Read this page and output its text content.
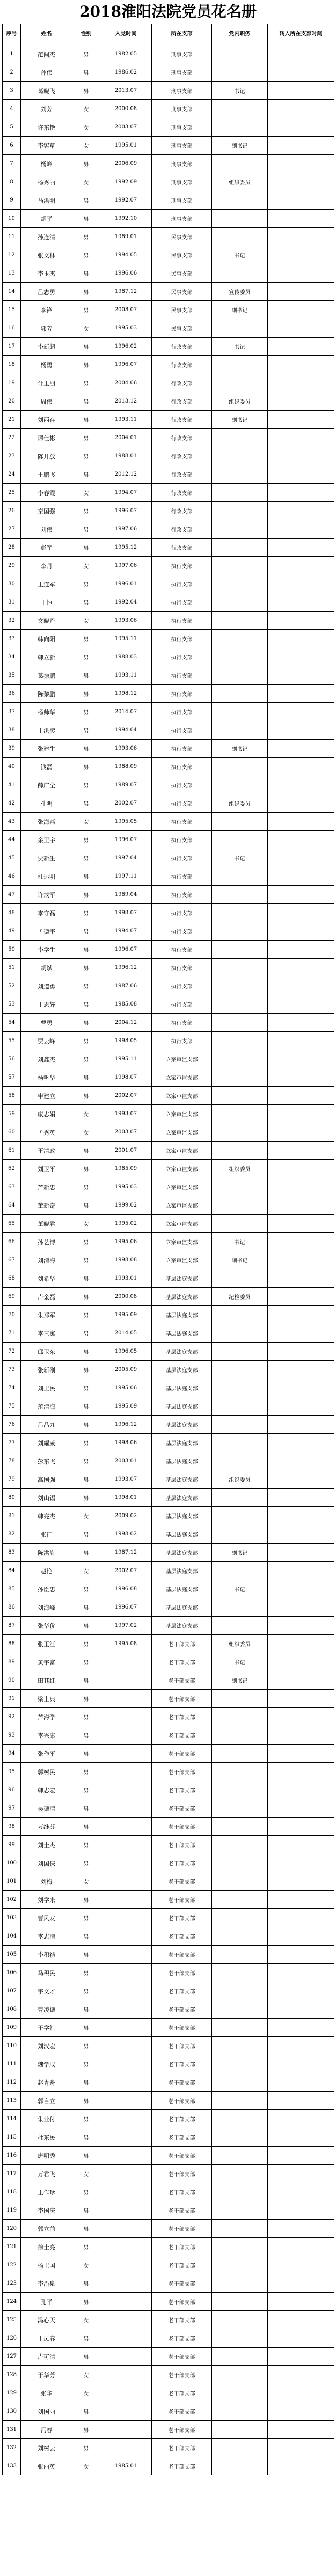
2018淮阳法院党员花名册
序号	姓名	性别	入党时间	所在支部	党内职务	转入所在支部时间
1	范闯杰	男	1982.05	刑事支部		
2	孙伟	男	1986.02	刑事支部		
3	葛晓飞	男	2013.07	刑事支部	书记	
4	刘芳	女	2000.08	刑事支部		
5	许东艳	女	2003.07	刑事支部		
6	李宪草	女	1995.01	刑事支部	副书记	
7	杨峰	男	2006.09	刑事支部		
8	杨秀丽	女	1992.09	刑事支部	组织委员	
9	马洪明	男	1992.07	刑事支部		
10	胡平	男	1992.10	刑事支部		
11	孙连清	男	1989.01	民事支部		
12	张文林	男	1994.05	民事支部	书记	
13	李玉杰	男	1996.06	民事支部		
14	吕志勇	男	1987.12	民事支部	宣传委员	
15	李锋	男	2008.07	民事支部	副书记	
16	郭芳	女	1995.03	民事支部		
17	李新超	男	1996.02	行政支部	书记	
18	杨勇	男	1996.07	行政支部		
19	计玉朋	男	2004.06	行政支部		
20	周伟	男	2013.12	行政支部	组织委员	
21	刘西存	男	1993.11	行政支部	副书记	
22	谭佳彬	男	2004.01	行政支部		
23	陈开放	男	1988.01	行政支部		
24	王鹏飞	男	2012.12	行政支部		
25	李春霞	女	1994.07	行政支部		
26	秦国强	男	1996.07	行政支部		
27	刘伟	男	1997.06	行政支部		
28	彭军	男	1995.12	行政支部		
29	李丹	女	1997.06	执行支部		
30	王连军	男	1996.01	执行支部		
31	王恒	男	1992.04	执行支部		
32	文晓丹	女	1993.06	执行支部		
33	韩向阳	男	1995.11	执行支部		
34	韩立新	男	1988.03	执行支部		
35	葛振鹏	男	1993.11	执行支部		
36	陈黎鹏	男	1998.12	执行支部		
37	杨帅华	男	2014.07	执行支部		
38	王洪彦	男	1994.04	执行支部		
39	张建生	男	1993.06	执行支部	副书记	
40	钱磊	男	1988.09	执行支部		
41	薛广全	男	1989.07	执行支部		
42	孔明	男	2002.07	执行支部	组织委员	
43	张海燕	女	1995.05	执行支部		
44	余卫宇	男	1996.07	执行支部		
45	贾新生	男	1997.04	执行支部	书记	
46	杜运明	男	1997.11	执行支部		
47	许戒军	男	1989.04	执行支部		
48	李守磊	男	1998.07	执行支部		
49	孟德宇	男	1994.07	执行支部		
50	李学生	男	1996.07	执行支部		
51	胡斌	男	1996.12	执行支部		
52	刘道勇	男	1987.06	执行支部		
53	王恩辉	男	1985.08	执行支部		
54	曹勇	男	2004.12	执行支部		
55	贾云峰	男	1998.05	执行支部		
56	刘鑫杰	男	1995.11	立案审监支部		
57	杨帆华	男	1998.07	立案审监支部		
58	申建立	男	2002.07	立案审监支部		
59	康志娟	女	1993.07	立案审监支部		
60	孟秀英	女	2003.07	立案审监支部		
61	王清政	男	2001.07	立案审监支部		
62	刘卫平	男	1985.09	立案审监支部	组织委员	
63	芦新忠	男	1995.03	立案审监支部		
64	董新奇	男	1999.02	立案审监支部		
65	董晓君	女	1995.02	立案审监支部		
66	孙艺博	男	1995.06	立案审监支部	书记	
67	刘清海	男	1998.08	立案审监支部	副书记	
68	刘希华	男	1993.01	基层法庭支部		
69	卢金磊	男	2000.08	基层法庭支部	纪检委员	
70	朱郑军	男	1995.09	基层法庭支部		
71	李三寓	男	2014.05	基层法庭支部		
72	邱卫东	男	1996.05	基层法庭支部		
73	张新刚	男	2005.09	基层法庭支部		
74	刘卫民	男	1995.06	基层法庭支部		
75	范清海	男	1995.09	基层法庭支部		
76	吕品九	男	1996.12	基层法庭支部		
77	刘耀威	男	1998.06	基层法庭支部		
78	彭东飞	男	2003.01	基层法庭支部		
79	高国强	男	1993.07	基层法庭支部	组织委员	
80	刘山锡	男	1998.01	基层法庭支部		
81	韩亮杰	女	2009.02	基层法庭支部		
82	张征	男	1998.02	基层法庭支部		
83	陈洪胤	男	1987.12	基层法庭支部	副书记	
84	赵艳	女	2002.07	基层法庭支部		
85	孙臣忠	男	1996.08	基层法庭支部	书记	
86	刘海峰	男	1996.07	基层法庭支部		
87	张华优	男	1997.02	基层法庭支部		
88	张玉江	男	1995.08	老干部支部	组织委员	
89	黄宇富	男		老干部支部	书记	
90	田其虹	男		老干部支部	副书记	
91	梁士典	男		老干部支部		
92	芦海学	男		老干部支部		
93	李兴康	男		老干部支部		
94	张作平	男		老干部支部		
95	郭树民	男		老干部支部		
96	韩志宏	男		老干部支部		
97	吴德清	男		老干部支部		
98	万继芬	男		老干部支部		
99	刘士杰	男		老干部支部		
100	刘国侠	男		老干部支部		
101	刘梅	女		老干部支部		
102	刘学来	男		老干部支部		
103	曹风友	男		老干部支部		
104	李志清	男		老干部支部		
105	李积祯	男		老干部支部		
106	马积民	男		老干部支部		
107	宇文才	男		老干部支部		
108	曹凌德	男		老干部支部		
109	于学礼	男		老干部支部		
110	刘汉宏	男		老干部支部		
111	魏学成	男		老干部支部		
112	赵青舟	男		老干部支部		
113	郭自立	男		老干部支部		
114	朱业付	男		老干部支部		
115	杜东民	男		老干部支部		
116	唐明秀	男		老干部支部		
117	万君飞	女		老干部支部		
118	王作珍	男		老干部支部		
119	李国庆	男		老干部支部		
120	郭立前	男		老干部支部		
121	徐士亮	男		老干部支部		
122	杨卫国	女		老干部支部		
123	李沿泉	男		老干部支部		
124	孔平	男		老干部支部		
125	冯心天	女		老干部支部		
126	王凤春	男		老干部支部		
127	卢可清	男		老干部支部		
128	于华芳	女		老干部支部		
129	张华	女		老干部支部		
130	刘国丽	男		老干部支部		
131	冯春	男		老干部支部		
132	刘树云	男		老干部支部		
133	张丽英	女	1985.01	老干部支部		
